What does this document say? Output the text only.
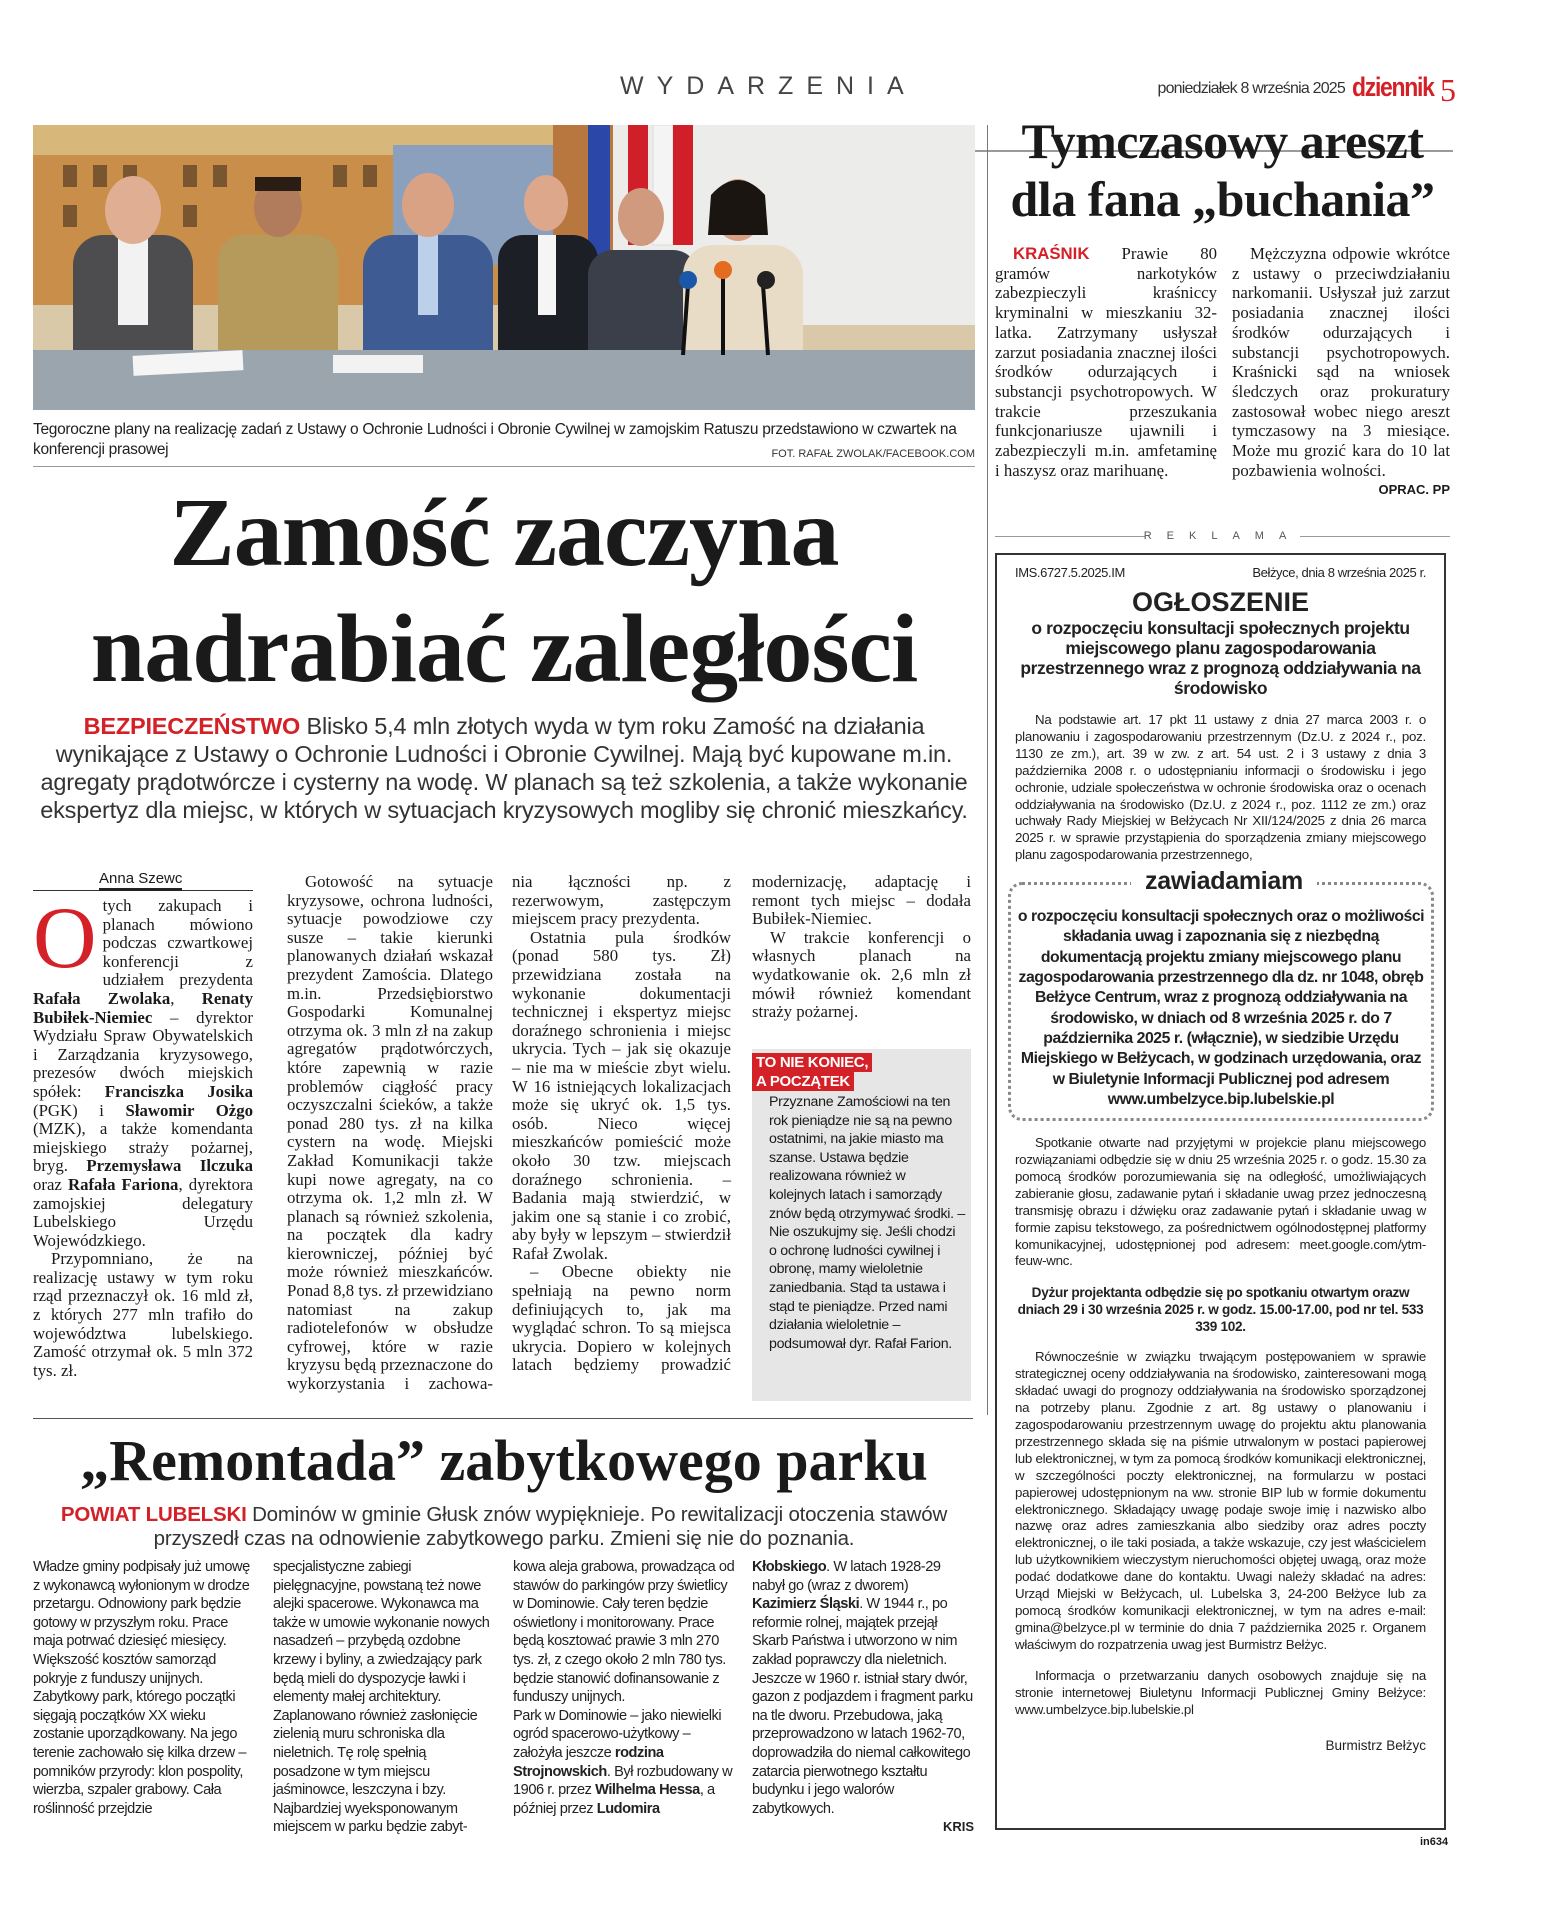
WYDARZENIA	poniedziałek 8 września 2025 dziennik 5
Tegoroczne plany na realizację zadań z Ustawy o Ochronie Ludności i Obronie Cywilnej w zamojskim Ratuszu przedstawiono w czwartek na konferencji prasowej	FOT. RAFAŁ ZWOLAK/FACEBOOK.COM
Zamość zaczyna
nadrabiać zaległości
BEZPIECZEŃSTWO Blisko 5,4 mln złotych wyda w tym roku Zamość na działania wynikające z Ustawy o Ochronie Ludności i Obronie Cywilnej. Mają być kupowane m.in. agregaty prądotwórcze i cysterny na wodę. W planach są też szkolenia, a także wykonanie ekspertyz dla miejsc, w których w sytuacjach kryzysowych mogliby się chronić mieszkańcy.
Anna Szewc
O tych zakupach i planach mówiono podczas czwartkowej konferencji z udziałem prezydenta Rafała Zwolaka, Renaty Bubiłek-Niemiec – dyrektor Wydziału Spraw Obywatelskich i Zarządzania kryzysowego, prezesów dwóch miejskich spółek: Franciszka Josika (PGK) i Sławomir Ożgo (MZK), a także komendanta miejskiego straży pożarnej, bryg. Przemysława Ilczuka oraz Rafała Fariona, dyrektora zamojskiej delegatury Lubelskiego Urzędu Wojewódzkiego.

Przypomniano, że na realizację ustawy w tym roku rząd przeznaczył ok. 16 mld zł, z których 277 mln trafiło do województwa lubelskiego. Zamość otrzymał ok. 5 mln 372 tys. zł.

Gotowość na sytuacje kryzysowe, ochrona ludności, sytuacje powodziowe czy susze – takie kierunki planowanych działań wskazał prezydent Zamościa. Dlatego m.in. Przedsiębiorstwo Gospodarki Komunalnej otrzyma ok. 3 mln zł na zakup agregatów prądotwórczych, które zapewnią w razie problemów ciągłość pracy oczyszczalni ścieków, a także ponad 280 tys. zł na kilka cystern na wodę. Miejski Zakład Komunikacji także kupi nowe agregaty, na co otrzyma ok. 1,2 mln zł. W planach są również szkolenia, na początek dla kadry kierowniczej, później być może również mieszkańców. Ponad 8,8 tys. zł przewidziano natomiast na zakup radiotelefonów w obsłudze cyfrowej, które w razie kryzysu będą przeznaczone do wykorzystania i zachowa-

nia łączności np. z rezerwowym, zastępczym miejscem pracy prezydenta.

Ostatnia pula środków (ponad 580 tys. Zł) przewidziana została na wykonanie dokumentacji technicznej i ekspertyz miejsc doraźnego schronienia i miejsc ukrycia. Tych – jak się okazuje – nie ma w mieście zbyt wielu. W 16 istniejących lokalizacjach może się ukryć ok. 1,5 tys. osób. Nieco więcej mieszkańców pomieścić może około 30 tzw. miejscach doraźnego schronienia. – Badania mają stwierdzić, w jakim one są stanie i co zrobić, aby były w lepszym – stwierdził Rafał Zwolak.

– Obecne obiekty nie spełniają na pewno norm definiujących to, jak ma wyglądać schron. To są miejsca ukrycia. Dopiero w kolejnych latach będziemy prowadzić

modernizację, adaptację i remont tych miejsc – dodała Bubiłek-Niemiec.

W trakcie konferencji o własnych planach na wydatkowanie ok. 2,6 mln zł mówił również komendant straży pożarnej.

TO NIE KONIEC,
A POCZĄTEK
Przyznane Zamościowi na ten rok pieniądze nie są na pewno ostatnimi, na jakie miasto ma szanse. Ustawa będzie realizowana również w kolejnych latach i samorządy znów będą otrzymywać środki. – Nie oszukujmy się. Jeśli chodzi o ochronę ludności cywilnej i obronę, mamy wieloletnie zaniedbania. Stąd ta ustawa i stąd te pieniądze. Przed nami działania wieloletnie – podsumował dyr. Rafał Farion.
„Remontada” zabytkowego parku
POWIAT LUBELSKI Dominów w gminie Głusk znów wypiękniej​e. Po rewitalizacji otoczenia stawów przyszedł czas na odnowienie zabytkowego parku. Zmieni się nie do poznania.

Władze gminy podpisały już umowę z wykonawcą wyłonionym w drodze przetargu. Odnowiony park będzie gotowy w przyszłym roku. Prace maja potrwać dziesięć miesięcy. Większość kosztów samorząd pokryje z funduszy unijnych.

Zabytkowy park, którego początki sięgają początków XX wieku zostanie uporządkowany. Na jego terenie zachowało się kilka drzew – pomników przyrody: klon pospolity, wierzba, szpaler grabowy. Cała roślinność przejdzie

specjalistyczne zabiegi pielęgnacyjne, powstaną też nowe alejki spacerowe. Wykonawca ma także w umowie wykonanie nowych nasadzeń – przybędą ozdobne krzewy i byliny, a zwiedzający park będą mieli do dyspozycje ławki i elementy małej architektury.

Zaplanowano również zasłonięcie zielenią muru schroniska dla nieletnich. Tę rolę spełnią posadzone w tym miejscu jaśminowce, leszczyna i bzy.

Najbardziej wyeksponowanym miejscem w parku będzie zabyt-

kowa aleja grabowa, prowadząca od stawów do parkingów przy świetlicy w Dominowie. Cały teren będzie oświetlony i monitorowany. Prace będą kosztować prawie 3 mln 270 tys. zł, z czego około 2 mln 780 tys. będzie stanowić dofinansowanie z funduszy unijnych.

Park w Dominowie – jako niewielki ogród spacerowo-użytkowy – założyła jeszcze rodzina Strojnowskich. Był rozbudowany w 1906 r. przez Wilhelma Hessa, a później przez Ludomira

Kłobskiego. W latach 1928-29 nabył go (wraz z dworem) Kazimierz Śląski. W 1944 r., po reformie rolnej, majątek przejął Skarb Państwa i utworzono w nim zakład poprawczy dla nieletnich. Jeszcze w 1960 r. istniał stary dwór, gazon z podjazdem i fragment parku na tle dworu. Przebudowa, jaką przeprowadzono w latach 1962-70, doprowadziła do niemal całkowitego zatarcia pierwotnego kształtu budynku i jego walorów zabytkowych.

KRIS
Tymczasowy areszt
dla fana „buchania”

KRAŚNIK Prawie 80 gramów narkotyków zabezpieczyli kraśniccy kryminalni w mieszkaniu 32-latka. Zatrzymany usłyszał zarzut posiadania znacznej ilości środków odurzających i substancji psychotropowych. W trakcie przeszukania funkcjonariusze ujawnili i zabezpieczyli m.in. amfetaminę i haszysz oraz marihuanę.

Mężczyzna odpowie wkrótce z ustawy o przeciwdziałaniu narkomanii. Usłyszał już zarzut posiadania znacznej ilości środków odurzających i substancji psychotropowych. Kraśnicki sąd na wniosek śledczych oraz prokuratury zastosował wobec niego areszt tymczasowy na 3 miesiące. Może mu grozić kara do 10 lat pozbawienia wolności.

OPRAC. PP
REKLAMA
IMS.6727.5.2025.IM	Bełżyce, dnia 8 września 2025 r.
OGŁOSZENIE
o rozpoczęciu konsultacji społecznych projektu miejscowego planu zagospodarowania przestrzennego wraz z prognozą oddziaływania na środowisko

Na podstawie art. 17 pkt 11 ustawy z dnia 27 marca 2003 r. o planowaniu i zagospodarowaniu przestrzennym (Dz.U. z 2024 r., poz. 1130 ze zm.), art. 39 w zw. z art. 54 ust. 2 i 3 ustawy z dnia 3 października 2008 r. o udostępnianiu informacji o środowisku i jego ochronie, udziale społeczeństwa w ochronie środowiska oraz o ocenach oddziaływania na środowisko (Dz.U. z 2024 r., poz. 1112 ze zm.) oraz uchwały Rady Miejskiej w Bełżycach Nr XII/124/2025 z dnia 26 marca 2025 r. w sprawie przystąpienia do sporządzenia zmiany miejscowego planu zagospodarowania przestrzennego,

zawiadamiam
o rozpoczęciu konsultacji społecznych oraz o możliwości składania uwag i zapoznania się z niezbędną dokumentacją projektu zmiany miejscowego planu zagospodarowania przestrzennego dla dz. nr 1048, obręb Bełżyce Centrum, wraz z prognozą oddziaływania na środowisko, w dniach od 8 września 2025 r. do 7 października 2025 r. (włącznie), w siedzibie Urzędu Miejskiego w Bełżycach, w godzinach urzędowania, oraz w Biuletynie Informacji Publicznej pod adresem www.umbelzyce.bip.lubelskie.pl

Spotkanie otwarte nad przyjętymi w projekcie planu miejscowego rozwiązaniami odbędzie się w dniu 25 września 2025 r. o godz. 15.30 za pomocą środków porozumiewania się na odległość, umożliwiających zabieranie głosu, zadawanie pytań i składanie uwag przez jednoczesną transmisję obrazu i dźwięku oraz zadawanie pytań i składanie uwag w formie zapisu tekstowego, za pośrednictwem ogólnodostępnej platformy komunikacyjnej, udostępnionej pod adresem: meet.google.com/ytm-feuw-wnc.

Dyżur projektanta odbędzie się po spotkaniu otwartym orazw dniach 29 i 30 września 2025 r. w godz. 15.00-17.00, pod nr tel. 533 339 102.

Równocześnie w związku trwającym postępowaniem w sprawie strategicznej oceny oddziaływania na środowisko, zainteresowani mogą składać uwagi do prognozy oddziaływania na środowisko sporządzonej na potrzeby planu. Zgodnie z art. 8g ustawy o planowaniu i zagospodarowaniu przestrzennym uwagę do projektu aktu planowania przestrzennego składa się na piśmie utrwalonym w postaci papierowej lub elektronicznej, w tym za pomocą środków komunikacji elektronicznej, w szczególności poczty elektronicznej, na formularzu w postaci papierowej udostępnionym na ww. stronie BIP lub w formie dokumentu elektronicznego. Składający uwagę podaje swoje imię i nazwisko albo nazwę oraz adres zamieszkania albo siedziby oraz adres poczty elektronicznej, o ile taki posiada, a także wskazuje, czy jest właścicielem lub użytkownikiem wieczystym nieruchomości objętej uwagą, oraz może podać dodatkowe dane do kontaktu. Uwagi należy składać na adres: Urząd Miejski w Bełżycach, ul. Lubelska 3, 24-200 Bełżyce lub za pomocą środków komunikacji elektronicznej, w tym na adres e-mail: gmina@belzyce.pl w terminie do dnia 7 października 2025 r. Organem właściwym do rozpatrzenia uwag jest Burmistrz Bełżyc.

Informacja o przetwarzaniu danych osobowych znajduje się na stronie internetowej Biuletynu Informacji Publicznej Gminy Bełżyce: www.umbelzyce.bip.lubelskie.pl

Burmistrz Bełżyc
in634
